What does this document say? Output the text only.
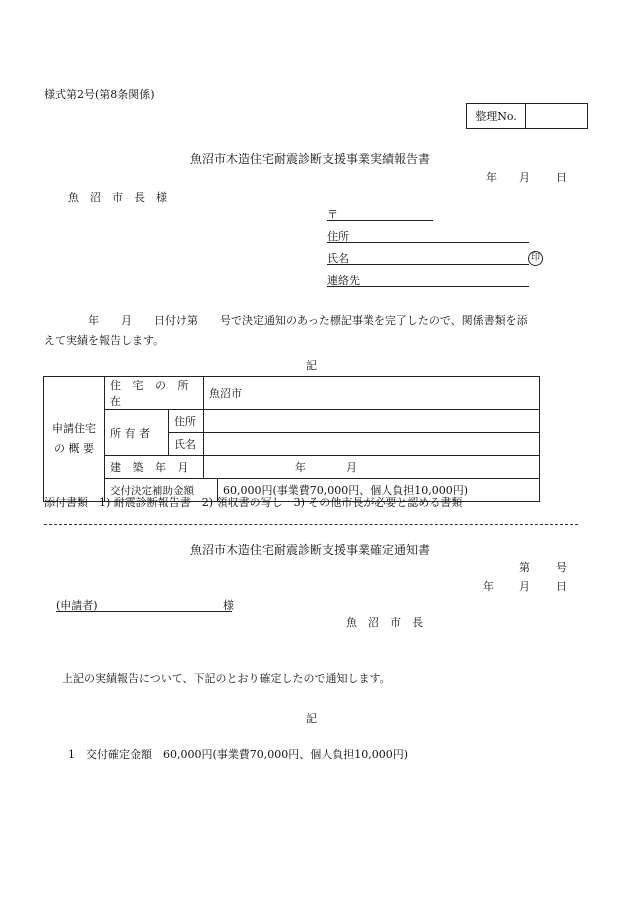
様式第2号(第8条関係)
整理No.
魚沼市木造住宅耐震診断支援事業実績報告書
年 月 日
魚　沼　市　長　様
〒
住所
氏名	印
連絡先
　　　　年　　月　　日付け第　　号で決定通知のあった標記事業を完了したので、関係書類を添
えて実績を報告します。
記
申請住宅
の 概 要	住 宅 の 所 在		魚沼市	
	所 有 者	住所		
		氏名		
	建 築 年 月		年 月	
	交付決定補助金額			60,000円(事業費70,000円、個人負担10,000円)
添付書類　1) 耐震診断報告書　2) 領収書の写し　3) その他市長が必要と認める書類
魚沼市木造住宅耐震診断支援事業確定通知書
第 号
年 月 日
(申請者)	様
魚　沼　市　長
上記の実績報告について、下記のとおり確定したので通知します。
記
1　交付確定金額　60,000円(事業費70,000円、個人負担10,000円)
